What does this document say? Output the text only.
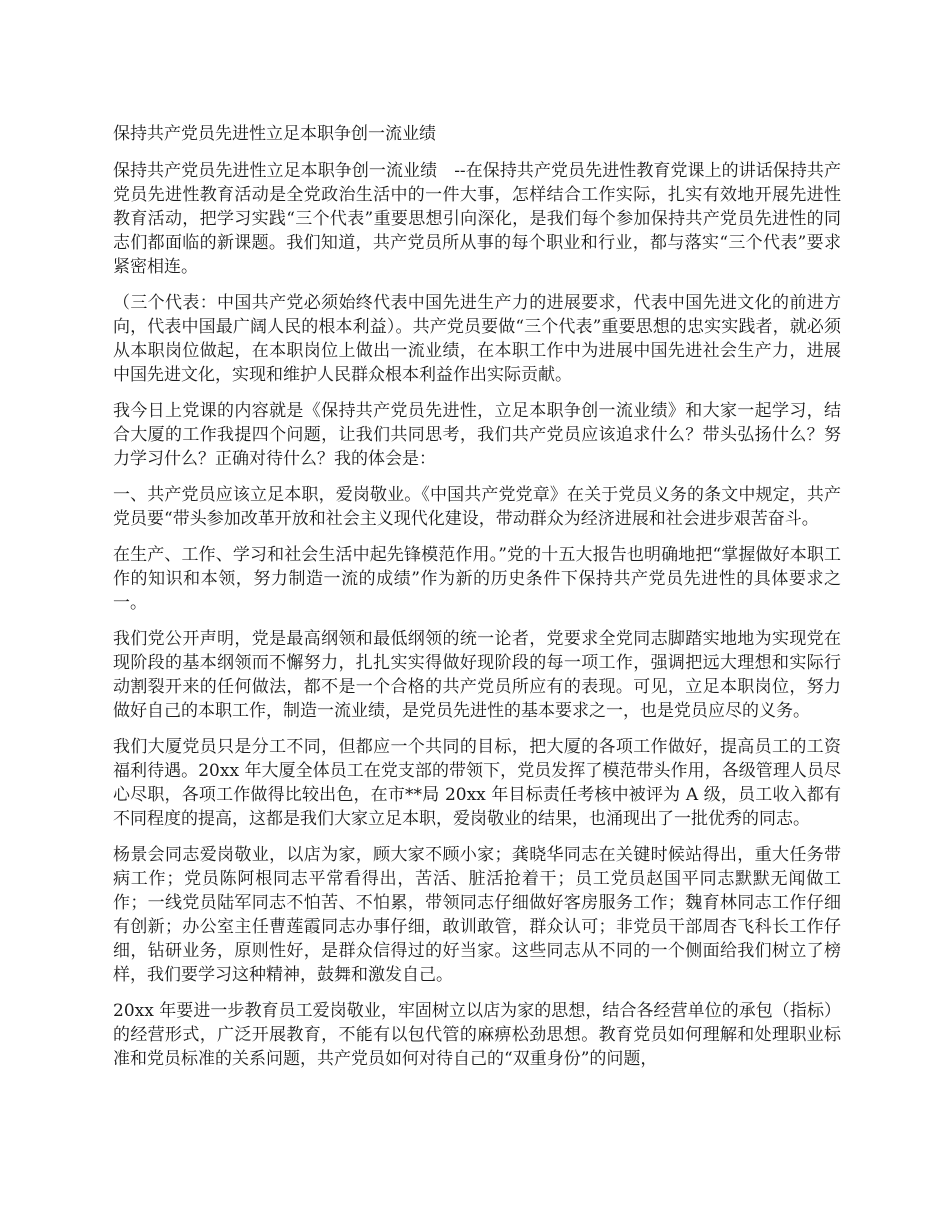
保持共产党员先进性立足本职争创一流业绩

保持共产党员先进性立足本职争创一流业绩　--在保持共产党员先进性教育党课上的讲话保持共产党员先进性教育活动是全党政治生活中的一件大事，怎样结合工作实际，扎实有效地开展先进性教育活动，把学习实践“三个代表”重要思想引向深化，是我们每个参加保持共产党员先进性的同志们都面临的新课题。我们知道，共产党员所从事的每个职业和行业，都与落实“三个代表”要求紧密相连。

（三个代表：中国共产党必须始终代表中国先进生产力的进展要求，代表中国先进文化的前进方向，代表中国最广阔人民的根本利益）。共产党员要做“三个代表”重要思想的忠实实践者，就必须从本职岗位做起，在本职岗位上做出一流业绩，在本职工作中为进展中国先进社会生产力，进展中国先进文化，实现和维护人民群众根本利益作出实际贡献。

我今日上党课的内容就是《保持共产党员先进性，立足本职争创一流业绩》和大家一起学习，结合大厦的工作我提四个问题，让我们共同思考，我们共产党员应该追求什么？带头弘扬什么？努力学习什么？正确对待什么？我的体会是：

一、共产党员应该立足本职，爱岗敬业。《中国共产党党章》在关于党员义务的条文中规定，共产党员要“带头参加改革开放和社会主义现代化建设，带动群众为经济进展和社会进步艰苦奋斗。

在生产、工作、学习和社会生活中起先锋模范作用。”党的十五大报告也明确地把“掌握做好本职工作的知识和本领，努力制造一流的成绩”作为新的历史条件下保持共产党员先进性的具体要求之一。

我们党公开声明，党是最高纲领和最低纲领的统一论者，党要求全党同志脚踏实地地为实现党在现阶段的基本纲领而不懈努力，扎扎实实得做好现阶段的每一项工作，强调把远大理想和实际行动割裂开来的任何做法，都不是一个合格的共产党员所应有的表现。可见，立足本职岗位，努力做好自己的本职工作，制造一流业绩，是党员先进性的基本要求之一，也是党员应尽的义务。

我们大厦党员只是分工不同，但都应一个共同的目标，把大厦的各项工作做好，提高员工的工资福利待遇。20xx 年大厦全体员工在党支部的带领下，党员发挥了模范带头作用，各级管理人员尽心尽职，各项工作做得比较出色，在市**局 20xx 年目标责任考核中被评为 A 级，员工收入都有不同程度的提高，这都是我们大家立足本职，爱岗敬业的结果，也涌现出了一批优秀的同志。

杨景会同志爱岗敬业，以店为家，顾大家不顾小家；龚晓华同志在关键时候站得出，重大任务带病工作；党员陈阿根同志平常看得出，苦活、脏活抢着干；员工党员赵国平同志默默无闻做工作；一线党员陆军同志不怕苦、不怕累，带领同志仔细做好客房服务工作；魏育林同志工作仔细有创新；办公室主任曹莲霞同志办事仔细，敢训敢管，群众认可；非党员干部周杏飞科长工作仔细，钻研业务，原则性好，是群众信得过的好当家。这些同志从不同的一个侧面给我们树立了榜样，我们要学习这种精神，鼓舞和激发自己。

20xx 年要进一步教育员工爱岗敬业，牢固树立以店为家的思想，结合各经营单位的承包（指标）的经营形式，广泛开展教育，不能有以包代管的麻痹松劲思想。教育党员如何理解和处理职业标准和党员标准的关系问题，共产党员如何对待自己的“双重身份”的问题，
